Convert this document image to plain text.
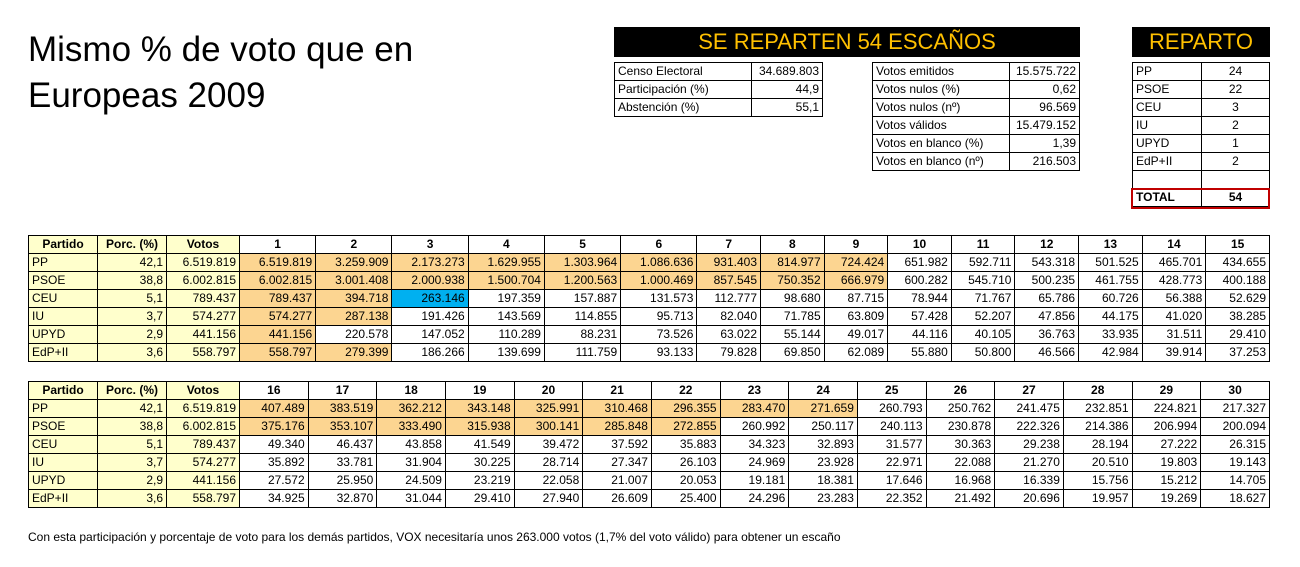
Mismo % de voto que en Europeas 2009
SE REPARTEN 54 ESCAÑOS	REPARTO
Censo Electoral	34.689.803
Participación (%)	44,9
Abstención (%)	55,1
Votos emitidos	15.575.722
Votos nulos (%)	0,62
Votos nulos (nº)	96.569
Votos válidos	15.479.152
Votos en blanco (%)	1,39
Votos en blanco (nº)	216.503
PP	24
PSOE	22
CEU	3
IU	2
UPYD	1
EdP+II	2

TOTAL	54
Partido	Porc. (%)	Votos	1	2	3	4	5	6	7	8	9	10	11	12	13	14	15
PP	42,1	6.519.819	6.519.819	3.259.909	2.173.273	1.629.955	1.303.964	1.086.636	931.403	814.977	724.424	651.982	592.711	543.318	501.525	465.701	434.655
PSOE	38,8	6.002.815	6.002.815	3.001.408	2.000.938	1.500.704	1.200.563	1.000.469	857.545	750.352	666.979	600.282	545.710	500.235	461.755	428.773	400.188
CEU	5,1	789.437	789.437	394.718	263.146	197.359	157.887	131.573	112.777	98.680	87.715	78.944	71.767	65.786	60.726	56.388	52.629
IU	3,7	574.277	574.277	287.138	191.426	143.569	114.855	95.713	82.040	71.785	63.809	57.428	52.207	47.856	44.175	41.020	38.285
UPYD	2,9	441.156	441.156	220.578	147.052	110.289	88.231	73.526	63.022	55.144	49.017	44.116	40.105	36.763	33.935	31.511	29.410
EdP+II	3,6	558.797	558.797	279.399	186.266	139.699	111.759	93.133	79.828	69.850	62.089	55.880	50.800	46.566	42.984	39.914	37.253
Partido	Porc. (%)	Votos	16	17	18	19	20	21	22	23	24	25	26	27	28	29	30
PP	42,1	6.519.819	407.489	383.519	362.212	343.148	325.991	310.468	296.355	283.470	271.659	260.793	250.762	241.475	232.851	224.821	217.327
PSOE	38,8	6.002.815	375.176	353.107	333.490	315.938	300.141	285.848	272.855	260.992	250.117	240.113	230.878	222.326	214.386	206.994	200.094
CEU	5,1	789.437	49.340	46.437	43.858	41.549	39.472	37.592	35.883	34.323	32.893	31.577	30.363	29.238	28.194	27.222	26.315
IU	3,7	574.277	35.892	33.781	31.904	30.225	28.714	27.347	26.103	24.969	23.928	22.971	22.088	21.270	20.510	19.803	19.143
UPYD	2,9	441.156	27.572	25.950	24.509	23.219	22.058	21.007	20.053	19.181	18.381	17.646	16.968	16.339	15.756	15.212	14.705
EdP+II	3,6	558.797	34.925	32.870	31.044	29.410	27.940	26.609	25.400	24.296	23.283	22.352	21.492	20.696	19.957	19.269	18.627
Con esta participación y porcentaje de voto para los demás partidos, VOX necesitaría unos 263.000 votos (1,7% del voto válido) para obtener un escaño
